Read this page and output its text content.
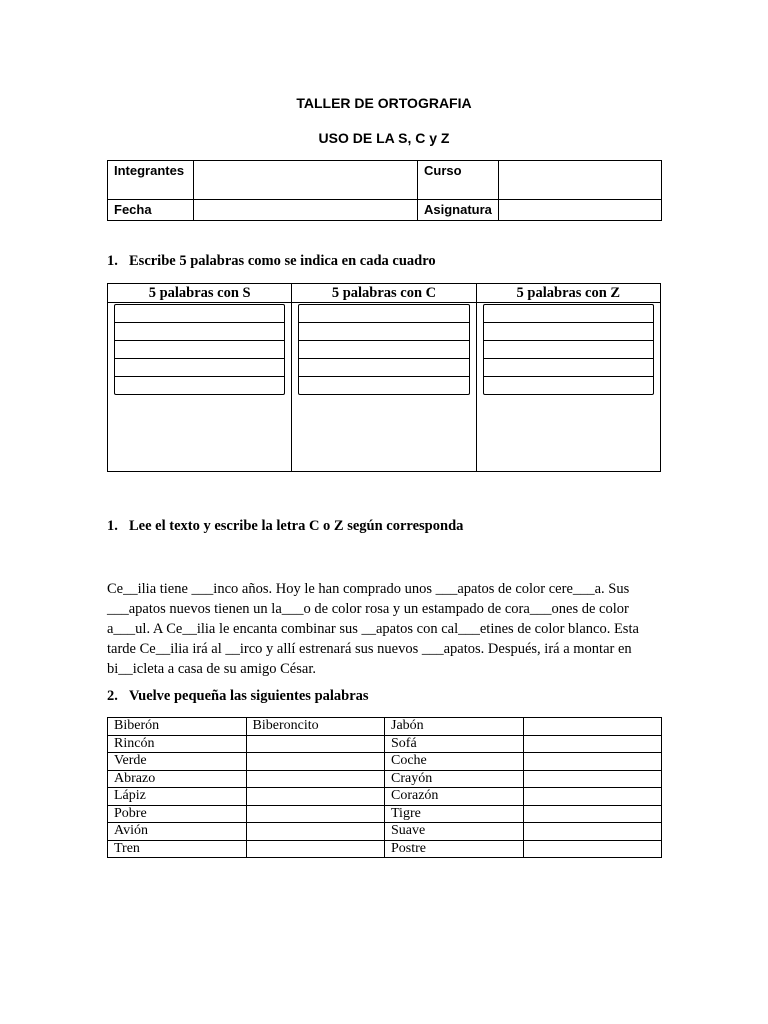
TALLER DE ORTOGRAFIA
USO DE LA S, C y Z
Integrantes		Curso	
Fecha		Asignatura	
1. Escribe 5 palabras como se indica en cada cuadro
5 palabras con S	5 palabras con C	5 palabras con Z
1. Lee el texto y escribe la letra C o Z según corresponda
Ce__ilia tiene ___inco años. Hoy le han comprado unos ___apatos de color cere___a. Sus ___apatos nuevos tienen un la___o de color rosa y un estampado de cora___ones de color a___ul. A Ce__ilia le encanta combinar sus __apatos con cal___etines de color blanco. Esta tarde Ce__ilia irá al __irco y allí estrenará sus nuevos ___apatos. Después, irá a montar en bi__icleta a casa de su amigo César.
2. Vuelve pequeña las siguientes palabras
Biberón	Biberoncito	Jabón	
Rincón		Sofá	
Verde		Coche	
Abrazo		Crayón	
Lápiz		Corazón	
Pobre		Tigre	
Avión		Suave	
Tren		Postre	
